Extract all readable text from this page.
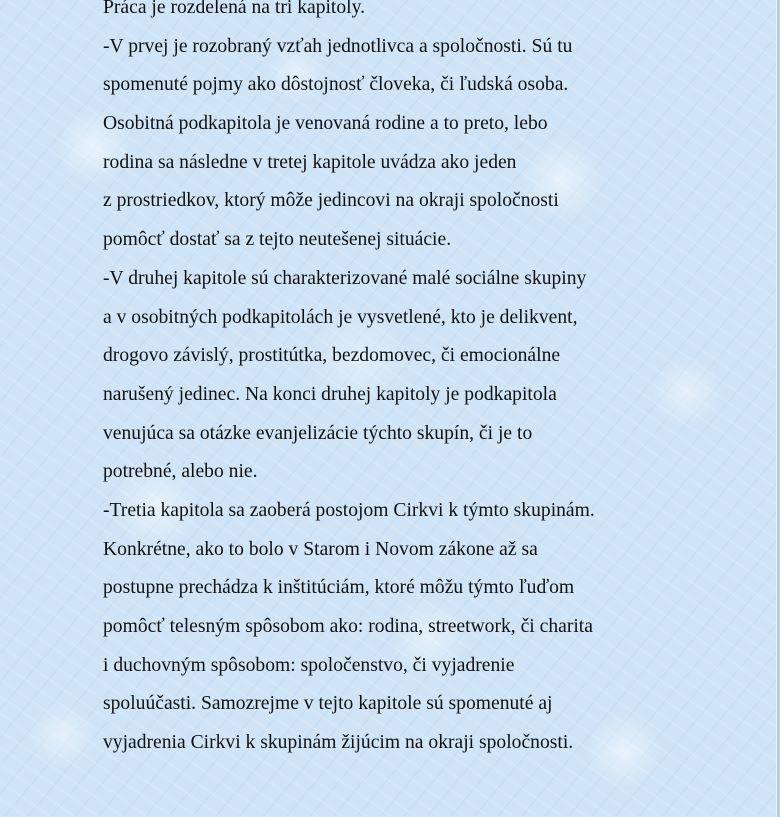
Práca je rozdelená na tri kapitoly.
-V prvej je rozobraný vzťah jednotlivca a spoločnosti. Sú tu
spomenuté pojmy ako dôstojnosť človeka, či ľudská osoba.
Osobitná podkapitola je venovaná rodine a to preto, lebo
rodina sa následne v tretej kapitole uvádza ako jeden
z prostriedkov, ktorý môže jedincovi na okraji spoločnosti
pomôcť dostať sa z tejto neutešenej situácie.
-V druhej kapitole sú charakterizované malé sociálne skupiny
a v osobitných podkapitolách je vysvetlené, kto je delikvent,
drogovo závislý, prostitútka, bezdomovec, či emocionálne
narušený jedinec. Na konci druhej kapitoly je podkapitola
venujúca sa otázke evanjelizácie týchto skupín, či je to
potrebné, alebo nie.
-Tretia kapitola sa zaoberá postojom Cirkvi k týmto skupinám.
Konkrétne, ako to bolo v Starom i Novom zákone až sa
postupne prechádza k inštitúciám, ktoré môžu týmto ľuďom
pomôcť telesným spôsobom ako: rodina, streetwork, či charita
i duchovným spôsobom: spoločenstvo, či vyjadrenie
spoluúčasti. Samozrejme v tejto kapitole sú spomenuté aj
vyjadrenia Cirkvi k skupinám žijúcim na okraji spoločnosti.
